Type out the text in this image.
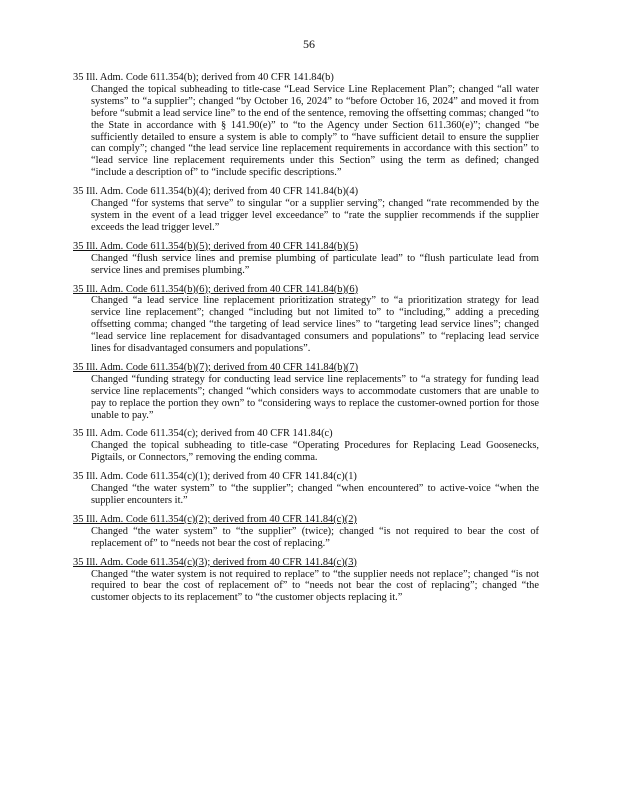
56
35 Ill. Adm. Code 611.354(b); derived from 40 CFR 141.84(b)
Changed the topical subheading to title-case “Lead Service Line Replacement Plan”; changed “all water systems” to “a supplier”; changed “by October 16, 2024” to “before October 16, 2024” and moved it from before “submit a lead service line” to the end of the sentence, removing the offsetting commas; changed “to the State in accordance with § 141.90(e)” to “to the Agency under Section 611.360(e)”; changed “be sufficiently detailed to ensure a system is able to comply” to “have sufficient detail to ensure the supplier can comply”; changed “the lead service line replacement requirements in accordance with this section” to “lead service line replacement requirements under this Section” using the term as defined; changed “include a description of” to “include specific descriptions.”
35 Ill. Adm. Code 611.354(b)(4); derived from 40 CFR 141.84(b)(4)
Changed “for systems that serve” to singular “or a supplier serving”; changed “rate recommended by the system in the event of a lead trigger level exceedance” to “rate the supplier recommends if the supplier exceeds the lead trigger level.”
35 Ill. Adm. Code 611.354(b)(5); derived from 40 CFR 141.84(b)(5)
Changed “flush service lines and premise plumbing of particulate lead” to “flush particulate lead from service lines and premises plumbing.”
35 Ill. Adm. Code 611.354(b)(6); derived from 40 CFR 141.84(b)(6)
Changed “a lead service line replacement prioritization strategy” to “a prioritization strategy for lead service line replacement”; changed “including but not limited to” to “including,” adding a preceding offsetting comma; changed “the targeting of lead service lines” to “targeting lead service lines”; changed “lead service line replacement for disadvantaged consumers and populations” to “replacing lead service lines for disadvantaged consumers and populations”.
35 Ill. Adm. Code 611.354(b)(7); derived from 40 CFR 141.84(b)(7)
Changed “funding strategy for conducting lead service line replacements” to “a strategy for funding lead service line replacements”; changed “which considers ways to accommodate customers that are unable to pay to replace the portion they own” to “considering ways to replace the customer-owned portion for those unable to pay.”
35 Ill. Adm. Code 611.354(c); derived from 40 CFR 141.84(c)
Changed the topical subheading to title-case “Operating Procedures for Replacing Lead Goosenecks, Pigtails, or Connectors,” removing the ending comma.
35 Ill. Adm. Code 611.354(c)(1); derived from 40 CFR 141.84(c)(1)
Changed “the water system” to “the supplier”; changed “when encountered” to active-voice “when the supplier encounters it.”
35 Ill. Adm. Code 611.354(c)(2); derived from 40 CFR 141.84(c)(2)
Changed “the water system” to “the supplier” (twice); changed “is not required to bear the cost of replacement of” to “needs not bear the cost of replacing.”
35 Ill. Adm. Code 611.354(c)(3); derived from 40 CFR 141.84(c)(3)
Changed “the water system is not required to replace” to “the supplier needs not replace”; changed “is not required to bear the cost of replacement of” to “needs not bear the cost of replacing”; changed “the customer objects to its replacement” to “the customer objects replacing it.”
